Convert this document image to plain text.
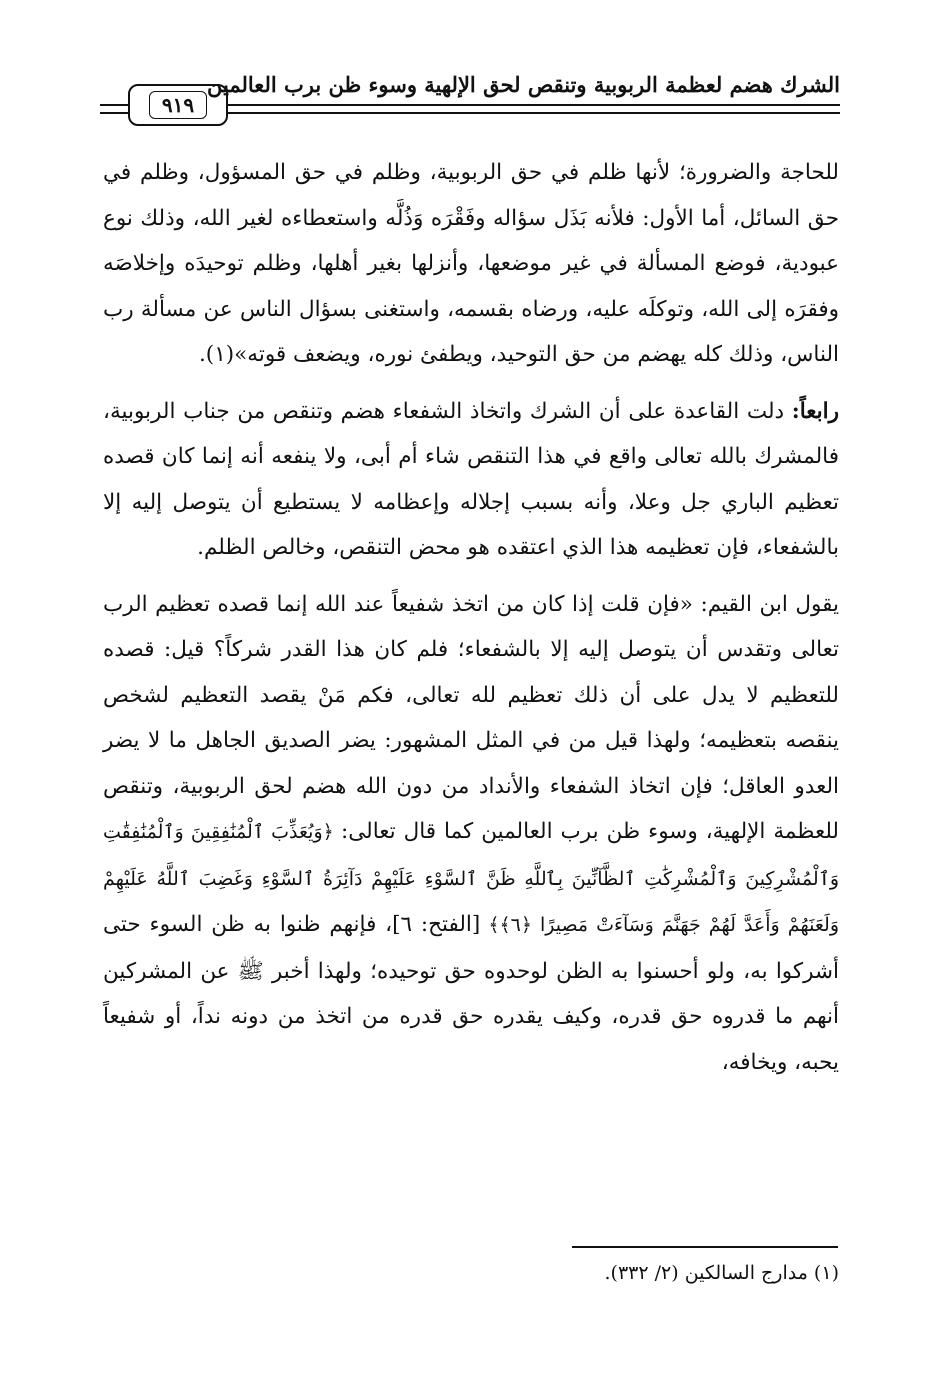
الشرك هضم لعظمة الربوبية وتنقص لحق الإلهية وسوء ظن برب العالمين
٩١٩

للحاجة والضرورة؛ لأنها ظلم في حق الربوبية، وظلم في حق المسؤول، وظلم في حق السائل، أما الأول: فلأنه بَذَل سؤاله وفَقْرَه وَذُلَّه واستعطاءه لغير الله، وذلك نوع عبودية، فوضع المسألة في غير موضعها، وأنزلها بغير أهلها، وظلم توحيدَه وإخلاصَه وفقرَه إلى الله، وتوكلَه عليه، ورضاه بقسمه، واستغنى بسؤال الناس عن مسألة رب الناس، وذلك كله يهضم من حق التوحيد، ويطفئ نوره، ويضعف قوته»(١).

رابعاً: دلت القاعدة على أن الشرك واتخاذ الشفعاء هضم وتنقص من جناب الربوبية، فالمشرك بالله تعالى واقع في هذا التنقص شاء أم أبى، ولا ينفعه أنه إنما كان قصده تعظيم الباري جل وعلا، وأنه بسبب إجلاله وإعظامه لا يستطيع أن يتوصل إليه إلا بالشفعاء، فإن تعظيمه هذا الذي اعتقده هو محض التنقص، وخالص الظلم.

يقول ابن القيم: «فإن قلت إذا كان من اتخذ شفيعاً عند الله إنما قصده تعظيم الرب تعالى وتقدس أن يتوصل إليه إلا بالشفعاء؛ فلم كان هذا القدر شركاً؟ قيل: قصده للتعظيم لا يدل على أن ذلك تعظيم لله تعالى، فكم مَنْ يقصد التعظيم لشخص ينقصه بتعظيمه؛ ولهذا قيل من في المثل المشهور: يضر الصديق الجاهل ما لا يضر العدو العاقل؛ فإن اتخاذ الشفعاء والأنداد من دون الله هضم لحق الربوبية، وتنقص للعظمة الإلهية، وسوء ظن برب العالمين كما قال تعالى: ﴿وَيُعَذِّبَ ٱلْمُنَٰفِقِينَ وَٱلْمُنَٰفِقَٰتِ وَٱلْمُشْرِكِينَ وَٱلْمُشْرِكَٰتِ ٱلظَّآنِّينَ بِٱللَّهِ ظَنَّ ٱلسَّوْءِ عَلَيْهِمْ دَآئِرَةُ ٱلسَّوْءِ وَغَضِبَ ٱللَّهُ عَلَيْهِمْ وَلَعَنَهُمْ وَأَعَدَّ لَهُمْ جَهَنَّمَ وَسَآءَتْ مَصِيرًا ﴿٦﴾﴾ [الفتح: ٦]، فإنهم ظنوا به ظن السوء حتى أشركوا به، ولو أحسنوا به الظن لوحدوه حق توحيده؛ ولهذا أخبر ﷺ عن المشركين أنهم ما قدروه حق قدره، وكيف يقدره حق قدره من اتخذ من دونه نداً، أو شفيعاً يحبه، ويخافه،

(١) مدارج السالكين (٢/ ٣٣٢).
